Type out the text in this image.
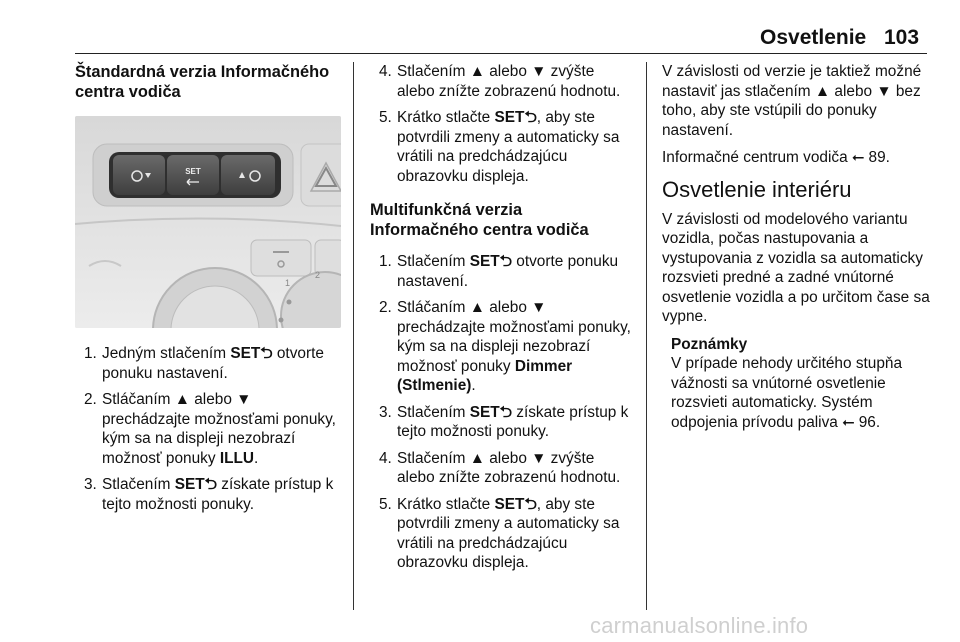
Osvetlenie 103
Štandardná verzia Informačného centra vodiča
SET
1
2
1. Jedným stlačením SET⮌ otvorte ponuku nastavení.
2. Stláčaním ▲ alebo ▼ prechádzajte možnosťami ponuky, kým sa na displeji nezobrazí možnosť ponuky ILLU.
3. Stlačením SET⮌ získate prístup k tejto možnosti ponuky.
4. Stlačením ▲ alebo ▼ zvýšte alebo znížte zobrazenú hodnotu.
5. Krátko stlačte SET⮌, aby ste potvrdili zmeny a automaticky sa vrátili na predchádzajúcu obrazovku displeja.
Multifunkčná verzia Informačného centra vodiča
1. Stlačením SET⮌ otvorte ponuku nastavení.
2. Stláčaním ▲ alebo ▼ prechádzajte možnosťami ponuky, kým sa na displeji nezobrazí možnosť ponuky Dimmer (Stlmenie).
3. Stlačením SET⮌ získate prístup k tejto možnosti ponuky.
4. Stlačením ▲ alebo ▼ zvýšte alebo znížte zobrazenú hodnotu.
5. Krátko stlačte SET⮌, aby ste potvrdili zmeny a automaticky sa vrátili na predchádzajúcu obrazovku displeja.

V závislosti od verzie je taktiež možné nastaviť jas stlačením ▲ alebo ▼ bez toho, aby ste vstúpili do ponuky nastavení.

Informačné centrum vodiča ⭠ 89.

Osvetlenie interiéru

V závislosti od modelového variantu vozidla, počas nastupovania a vystupovania z vozidla sa automaticky rozsvieti predné a zadné vnútorné osvetlenie vozidla a po určitom čase sa vypne.

Poznámky
V prípade nehody určitého stupňa vážnosti sa vnútorné osvetlenie rozsvieti automaticky. Systém odpojenia prívodu paliva ⭠ 96.
carmanualsonline.info
